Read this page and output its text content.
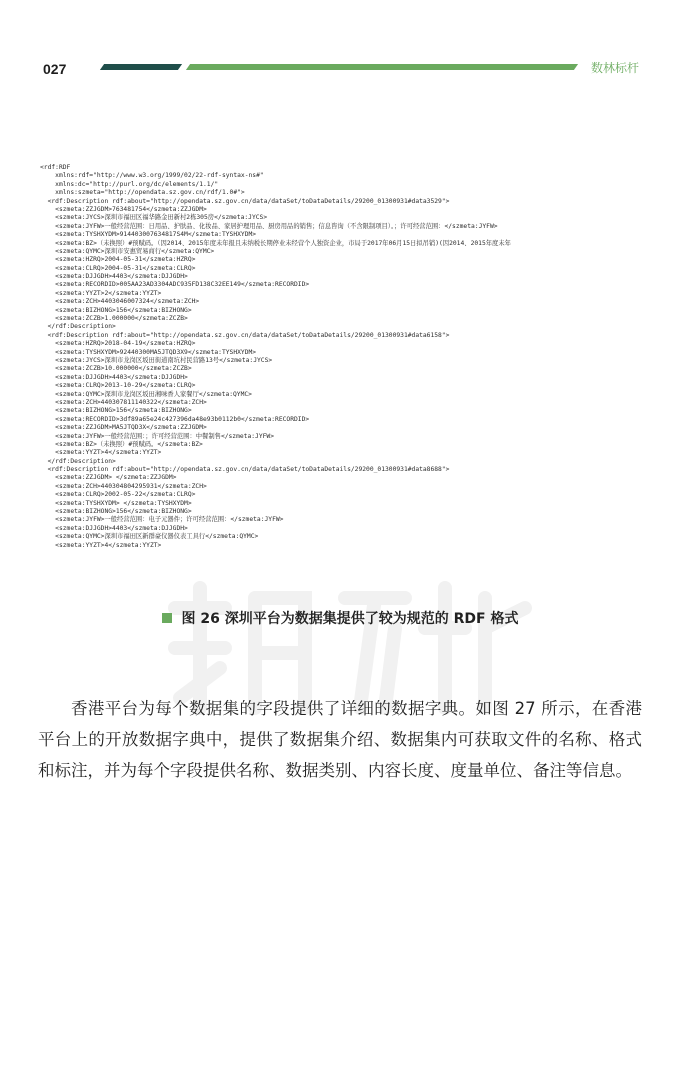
027	数林标杆
<rdf:RDF
xmlns:rdf="http://www.w3.org/1999/02/22-rdf-syntax-ns#"
xmlns:dc="http://purl.org/dc/elements/1.1/"
xmlns:szmeta="http://opendata.sz.gov.cn/rdf/1.0#">
<rdf:Description rdf:about="http://opendata.sz.gov.cn/data/dataSet/toDataDetails/29200_01300931#data3529">
<szmeta:ZZJGDM>763481754</szmeta:ZZJGDM>
<szmeta:JYCS>深圳市福田区福华路金田新村2栋305房</szmeta:JYCS>
<szmeta:JYFW>一般经营范围：日用品、护肤品、化妆品、家居护理用品、厨房用品的销售；信息咨询（不含限制项目）。；许可经营范围：</szmeta:JYFW>
<szmeta:TYSHXYDM>914403007634817S4M</szmeta:TYSHXYDM>
<szmeta:BZ>（未换照）#预赋码。（因2014、2015年度未年报且未纳税长期停业未经营个人独资企业，市局于2017年06月15日拟吊销)(因2014、2015年度未年
<szmeta:QYMC>深圳市安惠贸易商行</szmeta:QYMC>
<szmeta:HZRQ>2004-05-31</szmeta:HZRQ>
<szmeta:CLRQ>2004-05-31</szmeta:CLRQ>
<szmeta:DJJGDH>4403</szmeta:DJJGDH>
<szmeta:RECORDID>005AA23AD3304ADC935FD138C32EE149</szmeta:RECORDID>
<szmeta:YYZT>2</szmeta:YYZT>
<szmeta:ZCH>4403046007324</szmeta:ZCH>
<szmeta:BIZHONG>156</szmeta:BIZHONG>
<szmeta:ZCZB>1.000000</szmeta:ZCZB>
</rdf:Description>
<rdf:Description rdf:about="http://opendata.sz.gov.cn/data/dataSet/toDataDetails/29200_01300931#data6158">
<szmeta:HZRQ>2018-04-19</szmeta:HZRQ>
<szmeta:TYSHXYDM>92440300MA5JTQD3X9</szmeta:TYSHXYDM>
<szmeta:JYCS>深圳市龙岗区坂田街道南坑村民营路13号</szmeta:JYCS>
<szmeta:ZCZB>10.000000</szmeta:ZCZB>
<szmeta:DJJGDH>4403</szmeta:DJJGDH>
<szmeta:CLRQ>2013-10-29</szmeta:CLRQ>
<szmeta:QYMC>深圳市龙岗区坂田湘味香人家餐厅</szmeta:QYMC>
<szmeta:ZCH>440307811140322</szmeta:ZCH>
<szmeta:BIZHONG>156</szmeta:BIZHONG>
<szmeta:RECORDID>3df89a65e24c427396da48e93b0112b0</szmeta:RECORDID>
<szmeta:ZZJGDM>MA5JTQD3X</szmeta:ZZJGDM>
<szmeta:JYFW>一般经营范围：；许可经营范围：中餐制售</szmeta:JYFW>
<szmeta:BZ>（未换照）#预赋码。</szmeta:BZ>
<szmeta:YYZT>4</szmeta:YYZT>
</rdf:Description>
<rdf:Description rdf:about="http://opendata.sz.gov.cn/data/dataSet/toDataDetails/29200_01300931#data8688">
<szmeta:ZZJGDM> </szmeta:ZZJGDM>
<szmeta:ZCH>440304804295931</szmeta:ZCH>
<szmeta:CLRQ>2002-05-22</szmeta:CLRQ>
<szmeta:TYSHXYDM> </szmeta:TYSHXYDM>
<szmeta:BIZHONG>156</szmeta:BIZHONG>
<szmeta:JYFW>一般经营范围：电子元器件；许可经营范围：</szmeta:JYFW>
<szmeta:DJJGDH>4403</szmeta:DJJGDH>
<szmeta:QYMC>深圳市福田区新群豪仪器仪表工具行</szmeta:QYMC>
<szmeta:YYZT>4</szmeta:YYZT>
图 26 深圳平台为数据集提供了较为规范的 RDF 格式

香港平台为每个数据集的字段提供了详细的数据字典。如图 27 所示，在香港平台上的开放数据字典中，提供了数据集介绍、数据集内可获取文件的名称、格式和标注，并为每个字段提供名称、数据类别、内容长度、度量单位、备注等信息。
